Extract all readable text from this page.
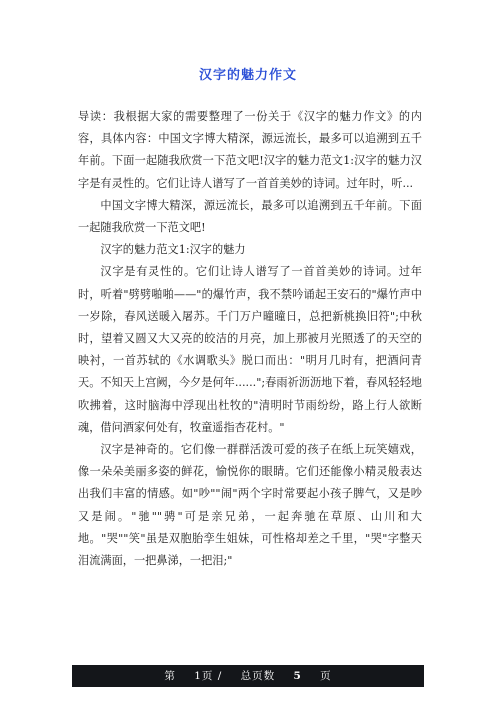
汉字的魅力作文

导读：我根据大家的需要整理了一份关于《汉字的魅力作文》的内容，具体内容：中国文字博大精深，源远流长，最多可以追溯到五千年前。下面一起随我欣赏一下范文吧!汉字的魅力范文1:汉字的魅力汉字是有灵性的。它们让诗人谱写了一首首美妙的诗词。过年时，听...

中国文字博大精深，源远流长，最多可以追溯到五千年前。下面一起随我欣赏一下范文吧!

汉字的魅力范文1:汉字的魅力

汉字是有灵性的。它们让诗人谱写了一首首美妙的诗词。过年时，听着"劈劈啪啪——"的爆竹声，我不禁吟诵起王安石的"爆竹声中一岁除，春风送暖入屠苏。千门万户曈曈日，总把新桃换旧符";中秋时，望着又圆又大又亮的皎洁的月亮，加上那被月光照透了的天空的映衬，一首苏轼的《水调歌头》脱口而出："明月几时有，把酒问青天。不知天上宫阙，今夕是何年......";春雨祈沥沥地下着，春风轻轻地吹拂着，这时脑海中浮现出杜牧的"清明时节雨纷纷，路上行人欲断魂，借问酒家何处有，牧童遥指杏花村。"

汉字是神奇的。它们像一群群活泼可爱的孩子在纸上玩笑嬉戏，像一朵朵美丽多姿的鲜花，愉悦你的眼睛。它们还能像小精灵般表达出我们丰富的情感。如"吵""闹"两个字时常要起小孩子脾气，又是吵又是闹。"驰""骋"可是亲兄弟，一起奔驰在草原、山川和大地。"哭""笑"虽是双胞胎孪生姐妹，可性格却差之千里，"哭"字整天泪流满面，一把鼻涕，一把泪;"

第 1页 / 总页数 5 页
